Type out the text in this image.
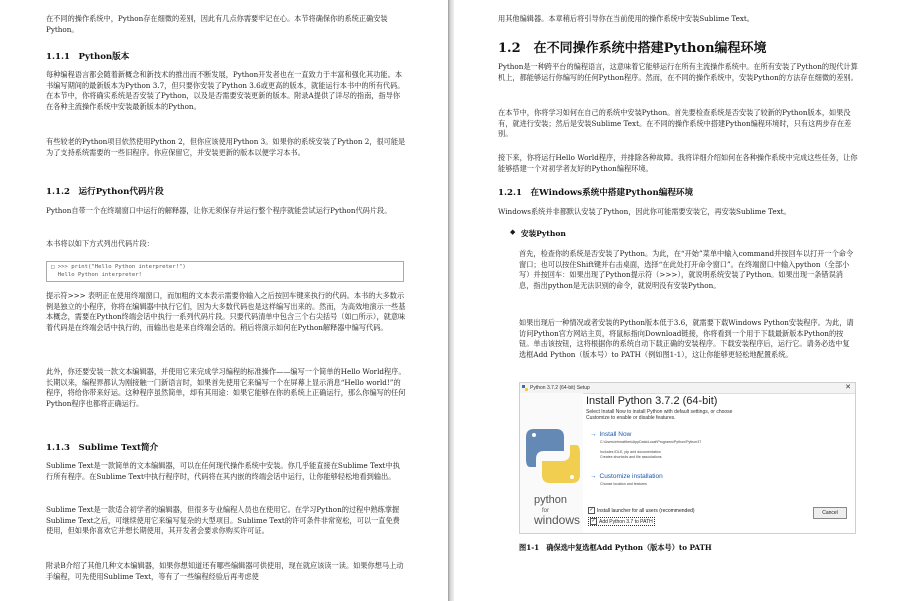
在不同的操作系统中，Python存在细微的差别，因此有几点你需要牢记在心。本节将确保你的系统正确安装Python。

1.1.1　Python版本

每种编程语言都会随着新概念和新技术的推出而不断发展，Python开发者也在一直致力于丰富和强化其功能。本书编写期间的最新版本为Python 3.7，但只要你安装了Python 3.6或更高的版本，就能运行本书中的所有代码。在本节中，你将确实系统是否安装了Python，以及是否需要安装更新的版本。附录A提供了详尽的指南，指导你在各种主流操作系统中安装最新版本的Python。

有些较老的Python项目依然使用Python 2，但你应该使用Python 3。如果你的系统安装了Python 2，很可能是为了支持系统需要的一些旧程序。你应保留它，并安装更新的版本以便学习本书。

1.1.2　运行Python代码片段

Python自带一个在终端窗口中运行的解释器，让你无须保存并运行整个程序就能尝试运行Python代码片段。

本书将以如下方式列出代码片段：

□ >>> print("Hello Python interpreter!")
Hello Python interpreter!

提示符>>> 表明正在使用终端窗口，而加粗的文本表示需要你输入之后按回车键来执行的代码。本书的大多数示例是独立的小程序，你将在编辑器中执行它们，因为大多数代码也是这样编写出来的。然而，为高效地演示一些基本概念，需要在Python终端会话中执行一系列代码片段。只要代码清单中包含三个右尖括号（如□所示），就意味着代码是在终端会话中执行的，而输出也是来自终端会话的。稍后将演示如何在Python解释器中编写代码。

此外，你还要安装一款文本编辑器，并使用它来完成学习编程的标准操作——编写一个简单的Hello World程序。长期以来，编程界都认为刚接触一门新语言时，如果首先使用它来编写一个在屏幕上显示消息“Hello world!”的程序，将给你带来好运。这种程序虽然简单，却有其用途：如果它能够在你的系统上正确运行，那么你编写的任何Python程序也都将正确运行。

1.1.3　Sublime Text简介

Sublime Text是一款简单的文本编辑器，可以在任何现代操作系统中安装。你几乎能直接在Sublime Text中执行所有程序。在Sublime Text中执行程序时，代码将在其内嵌的终端会话中运行，让你能够轻松地看到输出。

Sublime Text是一款适合初学者的编辑器，但很多专业编程人员也在使用它。在学习Python的过程中熟练掌握Sublime Text之后，可继续使用它来编写复杂的大型项目。Sublime Text的许可条件非常宽松，可以一直免费使用，但如果你喜欢它并想长期使用，其开发者会要求你购买许可证。

附录B介绍了其他几种文本编辑器，如果你想知道还有哪些编辑器可供使用，现在就应该读一读。如果你想马上动手编程，可先使用Sublime Text，等有了一些编程经验后再考虑使

用其他编辑器。本章稍后将引导你在当前使用的操作系统中安装Sublime Text。

1.2　在不同操作系统中搭建Python编程环境

Python是一种跨平台的编程语言，这意味着它能够运行在所有主流操作系统中。在所有安装了Python的现代计算机上，都能够运行你编写的任何Python程序。然而，在不同的操作系统中，安装Python的方法存在细微的差别。

在本节中，你将学习如何在自己的系统中安装Python。首先要检查系统是否安装了较新的Python版本，如果没有，就进行安装；然后是安装Sublime Text。在不同的操作系统中搭建Python编程环境时，只有这两步存在差别。

接下来，你将运行Hello World程序，并排除各种故障。我将详细介绍如何在各种操作系统中完成这些任务，让你能够搭建一个对初学者友好的Python编程环境。

1.2.1　在Windows系统中搭建Python编程环境

Windows系统并非都默认安装了Python，因此你可能需要安装它，再安装Sublime Text。

◆ 安装Python

首先，检查你的系统是否安装了Python。为此，在“开始”菜单中输入command并按回车以打开一个命令窗口；也可以按住Shift键并右击桌面，选择“在此处打开命令窗口”。在终端窗口中输入python（全部小写）并按回车：如果出现了Python提示符（>>>），就说明系统安装了Python。如果出现一条错误消息，指出python是无法识别的命令，就说明没有安装Python。

如果出现后一种情况或者安装的Python版本低于3.6，就需要下载Windows Python安装程序。为此，请访问Python官方网站主页，将鼠标指向Download链接，你将看到一个用于下载最新版本Python的按钮。单击该按钮，这将根据你的系统自动下载正确的安装程序。下载安装程序后，运行它。请务必选中复选框Add Python（版本号）to PATH（例如图1-1），这让你能够更轻松地配置系统。

Python 3.7.2 (64-bit) Setup	✕
python
for
windows
Install Python 3.7.2 (64-bit)
Select Install Now to install Python with default settings, or choose
Customize to enable or disable features.
→ Install Now
C:\Users\ehmatthes\AppData\Local\Programs\Python\Python37
Includes IDLE, pip and documentation
Creates shortcuts and file associations
→ Customize installation
Choose location and features
✓ Install launcher for all users (recommended)
✓ Add Python 3.7 to PATH
Cancel

图1-1　确保选中复选框Add Python（版本号）to PATH
